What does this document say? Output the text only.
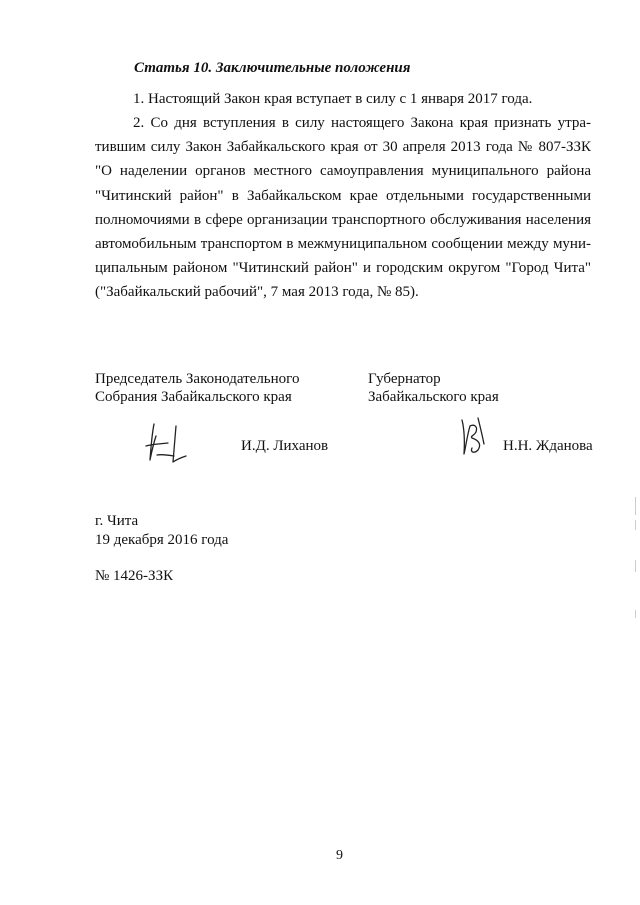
Статья 10. Заключительные положения
1. Настоящий Закон края вступает в силу с 1 января 2017 года.
2. Со дня вступления в силу настоящего Закона края признать утра-
тившим силу Закон Забайкальского края от 30 апреля 2013 года № 807-ЗЗК
"О наделении органов местного самоуправления муниципального района
"Читинский район" в Забайкальском крае отдельными государственными
полномочиями в сфере организации транспортного обслуживания населения
автомобильным транспортом в межмуниципальном сообщении между муни-
ципальным районом "Читинский район" и городским округом "Город Чита"
("Забайкальский рабочий", 7 мая 2013 года, № 85).
Председатель Законодательного
Собрания Забайкальского края
Губернатор
Забайкальского края
И.Д. Лиханов	Н.Н. Жданова
г. Чита
19 декабря 2016 года
№ 1426-ЗЗК
9
